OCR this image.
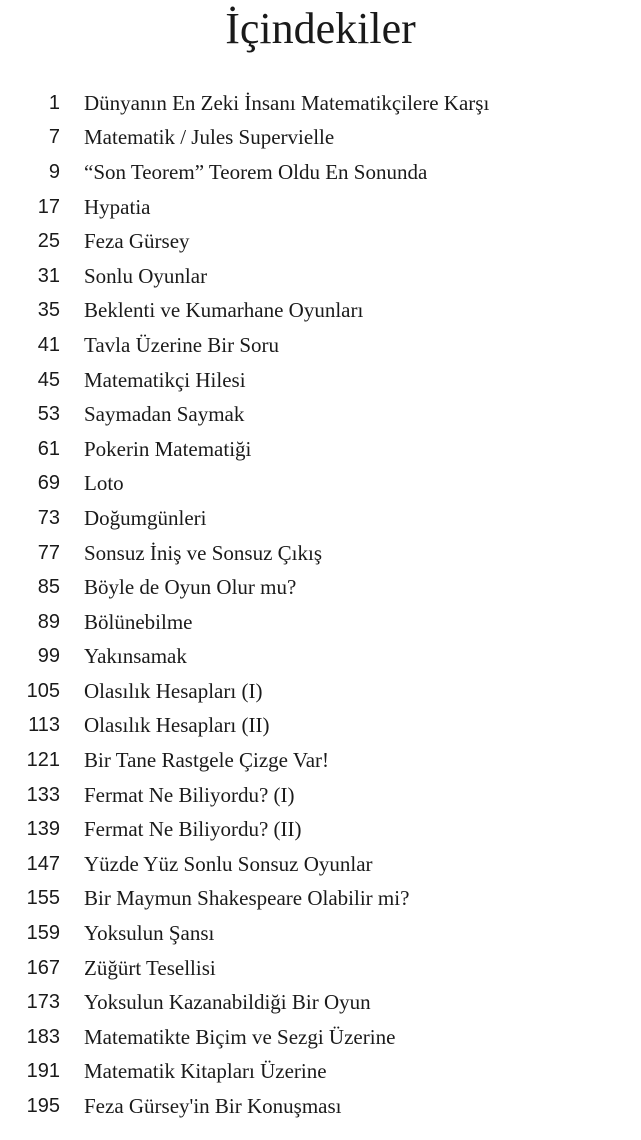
İçindekiler
1 Dünyanın En Zeki İnsanı Matematikçilere Karşı
7 Matematik / Jules Supervielle
9 “Son Teorem” Teorem Oldu En Sonunda
17 Hypatia
25 Feza Gürsey
31 Sonlu Oyunlar
35 Beklenti ve Kumarhane Oyunları
41 Tavla Üzerine Bir Soru
45 Matematikçi Hilesi
53 Saymadan Saymak
61 Pokerin Matematiği
69 Loto
73 Doğumgünleri
77 Sonsuz İniş ve Sonsuz Çıkış
85 Böyle de Oyun Olur mu?
89 Bölünebilme
99 Yakınsamak
105 Olasılık Hesapları (I)
113 Olasılık Hesapları (II)
121 Bir Tane Rastgele Çizge Var!
133 Fermat Ne Biliyordu? (I)
139 Fermat Ne Biliyordu? (II)
147 Yüzde Yüz Sonlu Sonsuz Oyunlar
155 Bir Maymun Shakespeare Olabilir mi?
159 Yoksulun Şansı
167 Züğürt Tesellisi
173 Yoksulun Kazanabildiği Bir Oyun
183 Matematikte Biçim ve Sezgi Üzerine
191 Matematik Kitapları Üzerine
195 Feza Gürsey'in Bir Konuşması
